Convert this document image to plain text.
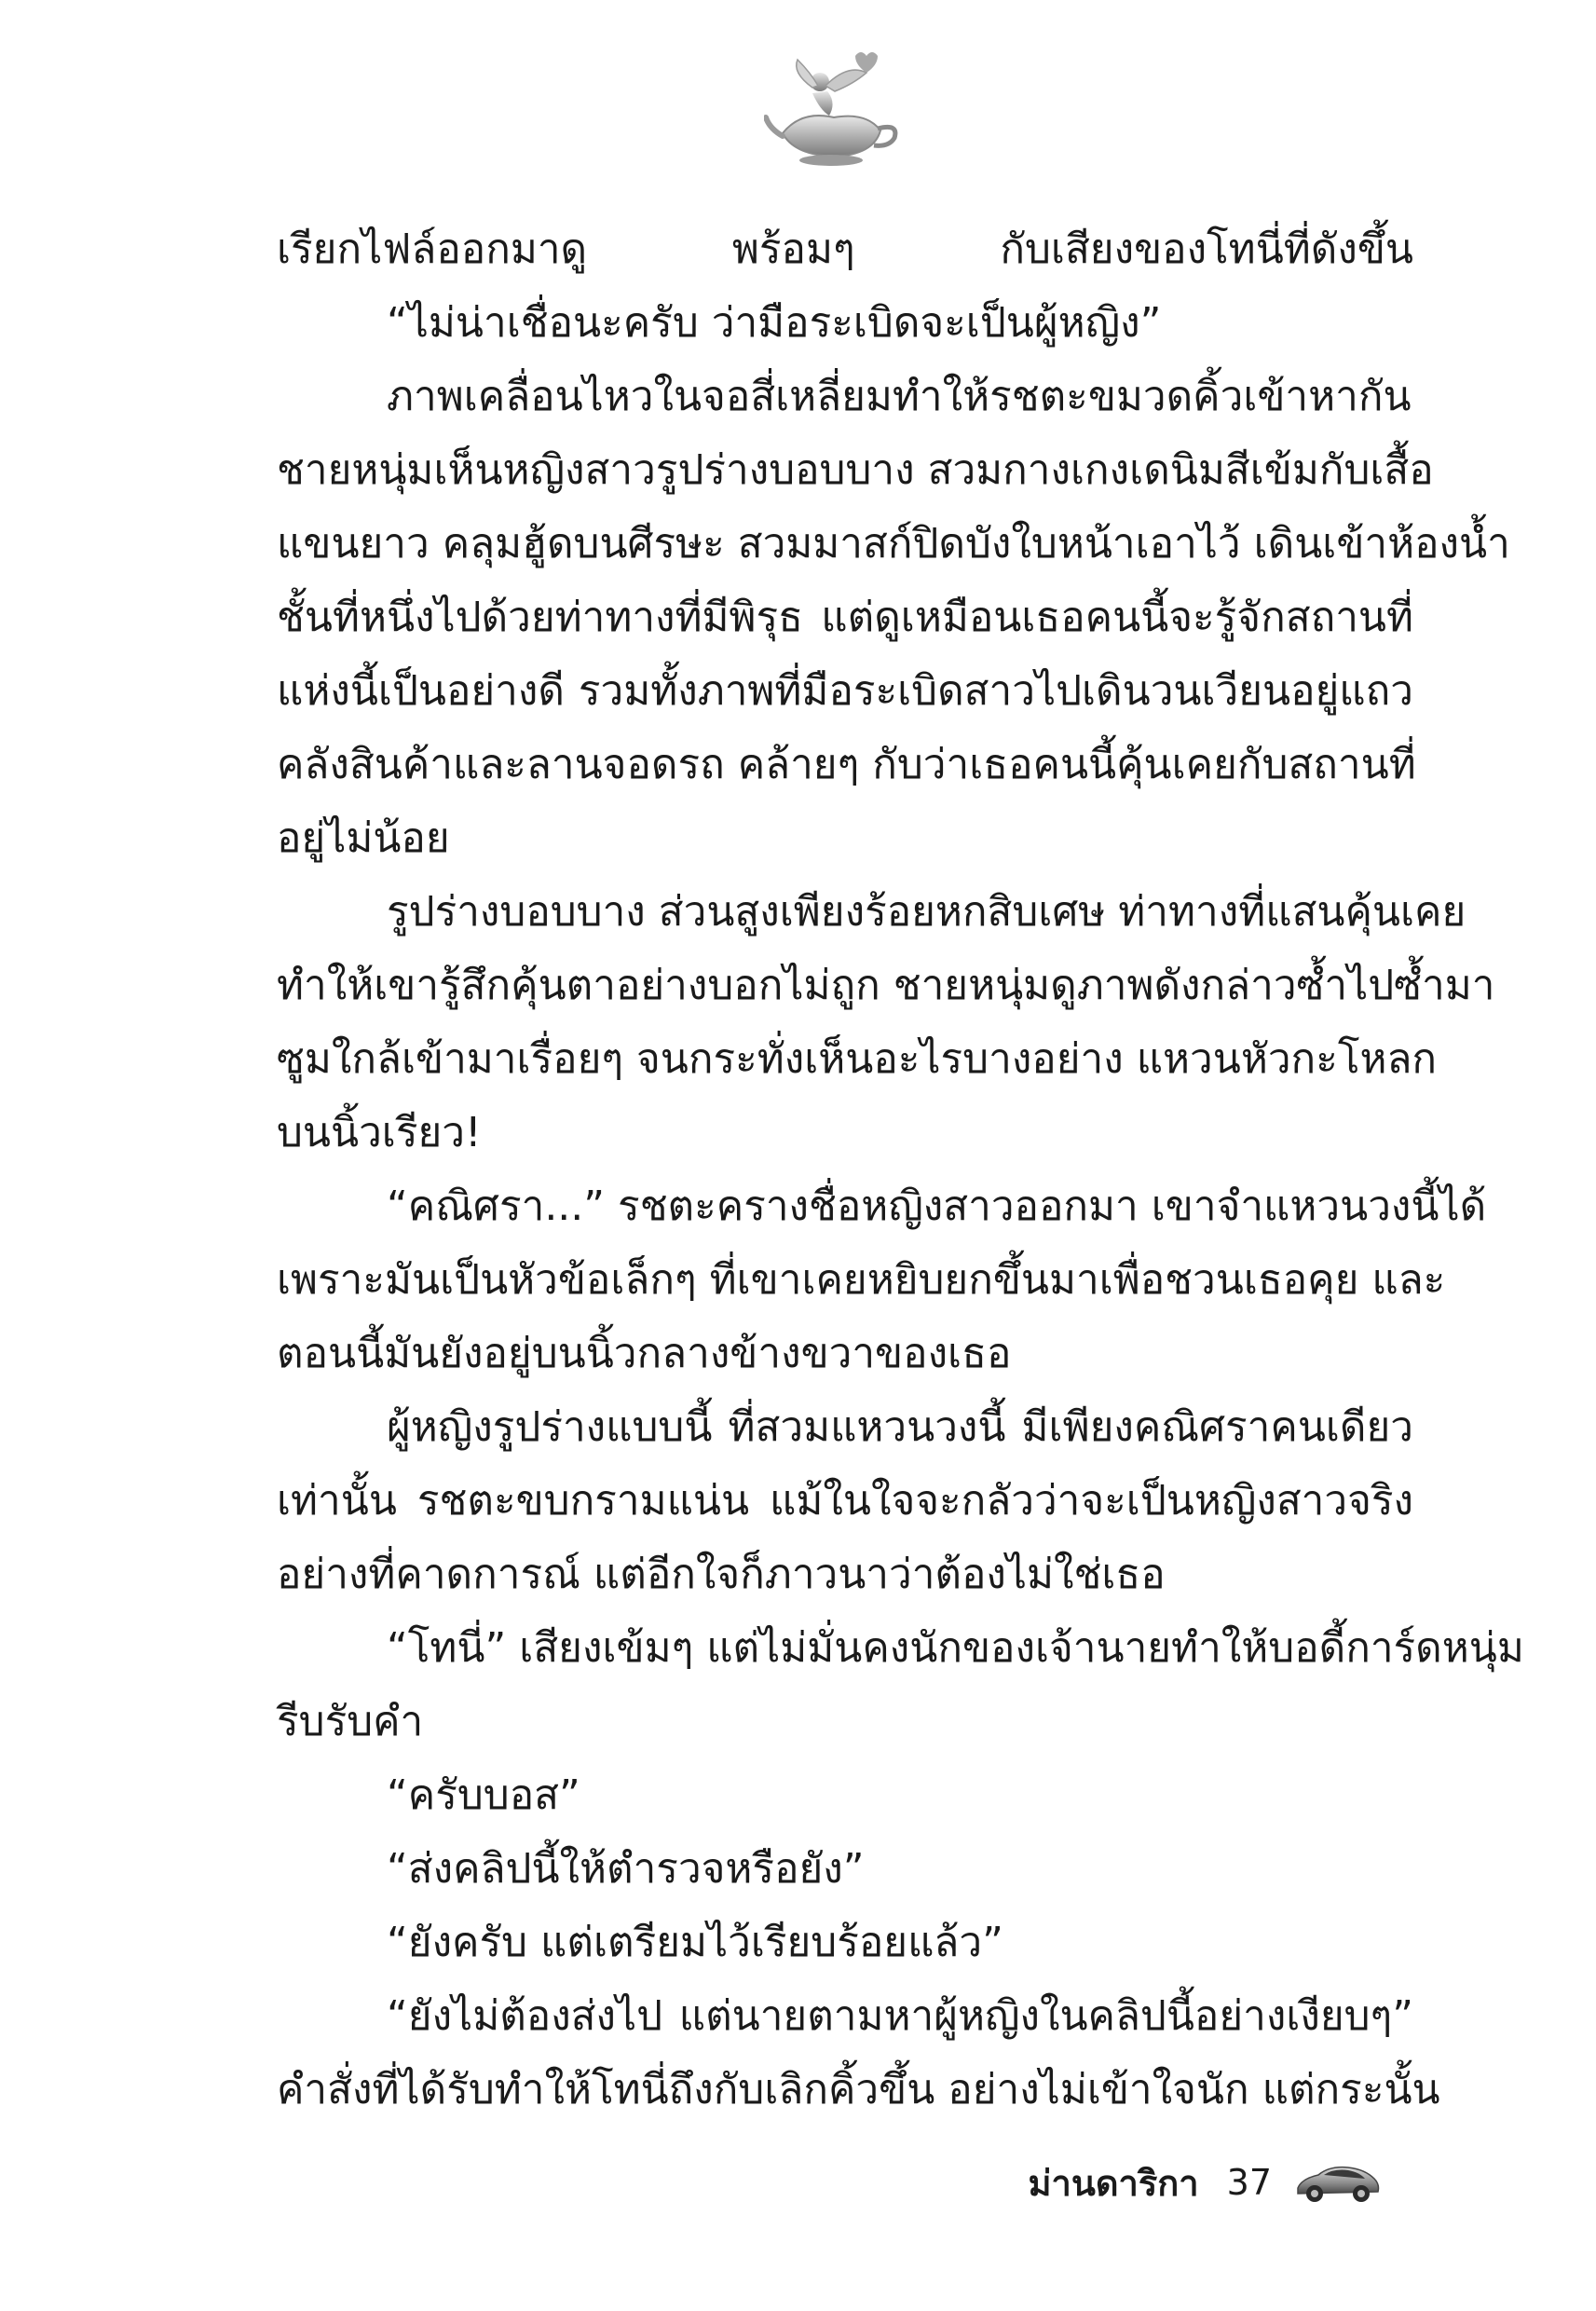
เรียกไฟล์ออกมาดู พร้อมๆ กับเสียงของโทนี่ที่ดังขึ้น
“ไม่น่าเชื่อนะครับ ว่ามือระเบิดจะเป็นผู้หญิง”
ภาพเคลื่อนไหวในจอสี่เหลี่ยมทำให้รชตะขมวดคิ้วเข้าหากัน
ชายหนุ่มเห็นหญิงสาวรูปร่างบอบบาง สวมกางเกงเดนิมสีเข้มกับเสื้อ
แขนยาว คลุมฮู้ดบนศีรษะ สวมมาสก์ปิดบังใบหน้าเอาไว้ เดินเข้าห้องน้ำ
ชั้นที่หนึ่งไปด้วยท่าทางที่มีพิรุธ แต่ดูเหมือนเธอคนนี้จะรู้จักสถานที่
แห่งนี้เป็นอย่างดี รวมทั้งภาพที่มือระเบิดสาวไปเดินวนเวียนอยู่แถว
คลังสินค้าและลานจอดรถ คล้ายๆ กับว่าเธอคนนี้คุ้นเคยกับสถานที่
อยู่ไม่น้อย
รูปร่างบอบบาง ส่วนสูงเพียงร้อยหกสิบเศษ ท่าทางที่แสนคุ้นเคย
ทำให้เขารู้สึกคุ้นตาอย่างบอกไม่ถูก ชายหนุ่มดูภาพดังกล่าวซ้ำไปซ้ำมา
ซูมใกล้เข้ามาเรื่อยๆ จนกระทั่งเห็นอะไรบางอย่าง แหวนหัวกะโหลก
บนนิ้วเรียว!
“คณิศรา...” รชตะครางชื่อหญิงสาวออกมา เขาจำแหวนวงนี้ได้
เพราะมันเป็นหัวข้อเล็กๆ ที่เขาเคยหยิบยกขึ้นมาเพื่อชวนเธอคุย และ
ตอนนี้มันยังอยู่บนนิ้วกลางข้างขวาของเธอ
ผู้หญิงรูปร่างแบบนี้ ที่สวมแหวนวงนี้ มีเพียงคณิศราคนเดียว
เท่านั้น รชตะขบกรามแน่น แม้ในใจจะกลัวว่าจะเป็นหญิงสาวจริง
อย่างที่คาดการณ์ แต่อีกใจก็ภาวนาว่าต้องไม่ใช่เธอ
“โทนี่” เสียงเข้มๆ แต่ไม่มั่นคงนักของเจ้านายทำให้บอดี้การ์ดหนุ่ม
รีบรับคำ
“ครับบอส”
“ส่งคลิปนี้ให้ตำรวจหรือยัง”
“ยังครับ แต่เตรียมไว้เรียบร้อยแล้ว”
“ยังไม่ต้องส่งไป แต่นายตามหาผู้หญิงในคลิปนี้อย่างเงียบๆ”
คำสั่งที่ได้รับทำให้โทนี่ถึงกับเลิกคิ้วขึ้น อย่างไม่เข้าใจนัก แต่กระนั้น
ม่านดาริกา 37
